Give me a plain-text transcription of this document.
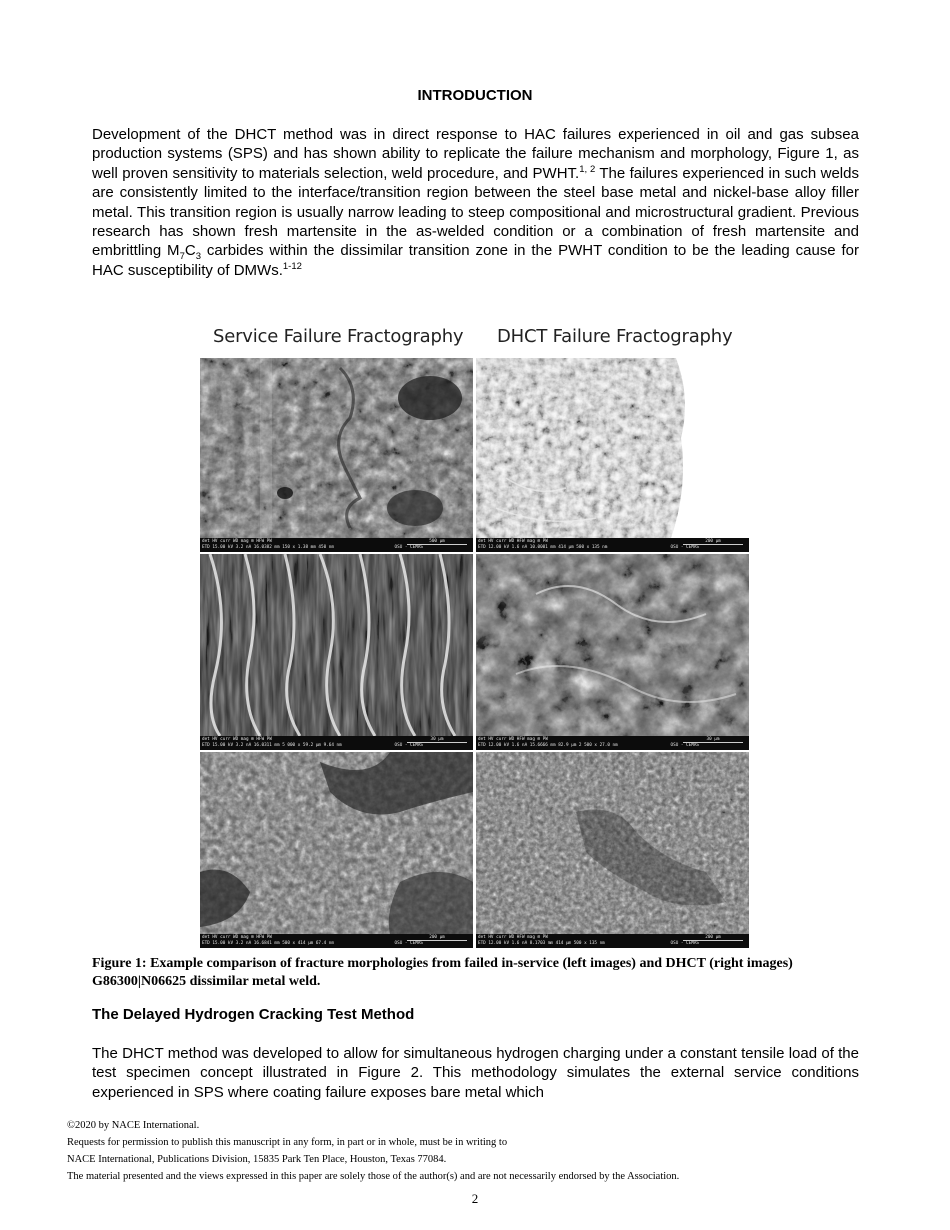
INTRODUCTION
Development of the DHCT method was in direct response to HAC failures experienced in oil and gas subsea production systems (SPS) and has shown ability to replicate the failure mechanism and morphology, Figure 1, as well proven sensitivity to materials selection, weld procedure, and PWHT.$^{1, 2}$ The failures experienced in such welds are consistently limited to the interface/transition region between the steel base metal and nickel-base alloy filler metal. This transition region is usually narrow leading to steep compositional and microstructural gradient. Previous research has shown fresh martensite in the as-welded condition or a combination of fresh martensite and embrittling $M_7C_3$ carbides within the dissimilar transition zone in the PWHT condition to be the leading cause for HAC susceptibility of DMWs.$^{1-12}$
Service Failure Fractography DHCT Failure Fractography
det HV curr WD mag ⊞ HFW PW
ETD 15.00 kV 3.2 nA 16.0382 mm 150 x 1.38 mm 450 nm	OSU - CEMAS
500 μm	det HV curr WD HFW mag ⊞ PW
ETD 12.00 kV 1.6 nA 10.0001 mm 414 μm 500 x 135 nm	OSU - CEMAS
200 μm
det HV curr WD mag ⊞ HFW PW
ETD 15.00 kV 3.2 nA 16.0311 mm 5 000 x 59.2 μm 9.64 nm	OSU - CEMAS
30 μm	det HV curr WD HFW mag ⊞ PW
ETD 12.00 kV 1.6 nA 15.6666 mm 82.9 μm 2 500 x 27.0 nm	OSU - CEMAS
30 μm
det HV curr WD mag ⊞ HFW PW
ETD 15.00 kV 3.2 nA 16.6841 mm 500 x 414 μm 67.4 nm	OSU - CEMAS
200 μm	det HV curr WD HFW mag ⊞ PW
ETD 12.00 kV 1.6 nA 8.1703 mm 414 μm 500 x 135 nm	OSU - CEMAS
200 μm
Figure 1: Example comparison of fracture morphologies from failed in-service (left images) and DHCT (right images) G86300|N06625 dissimilar metal weld.
The Delayed Hydrogen Cracking Test Method
The DHCT method was developed to allow for simultaneous hydrogen charging under a constant tensile load of the test specimen concept illustrated in Figure 2. This methodology simulates the external service conditions experienced in SPS where coating failure exposes bare metal which
©2020 by NACE International.
Requests for permission to publish this manuscript in any form, in part or in whole, must be in writing to
NACE International, Publications Division, 15835 Park Ten Place, Houston, Texas 77084.
The material presented and the views expressed in this paper are solely those of the author(s) and are not necessarily endorsed by the Association.
2
